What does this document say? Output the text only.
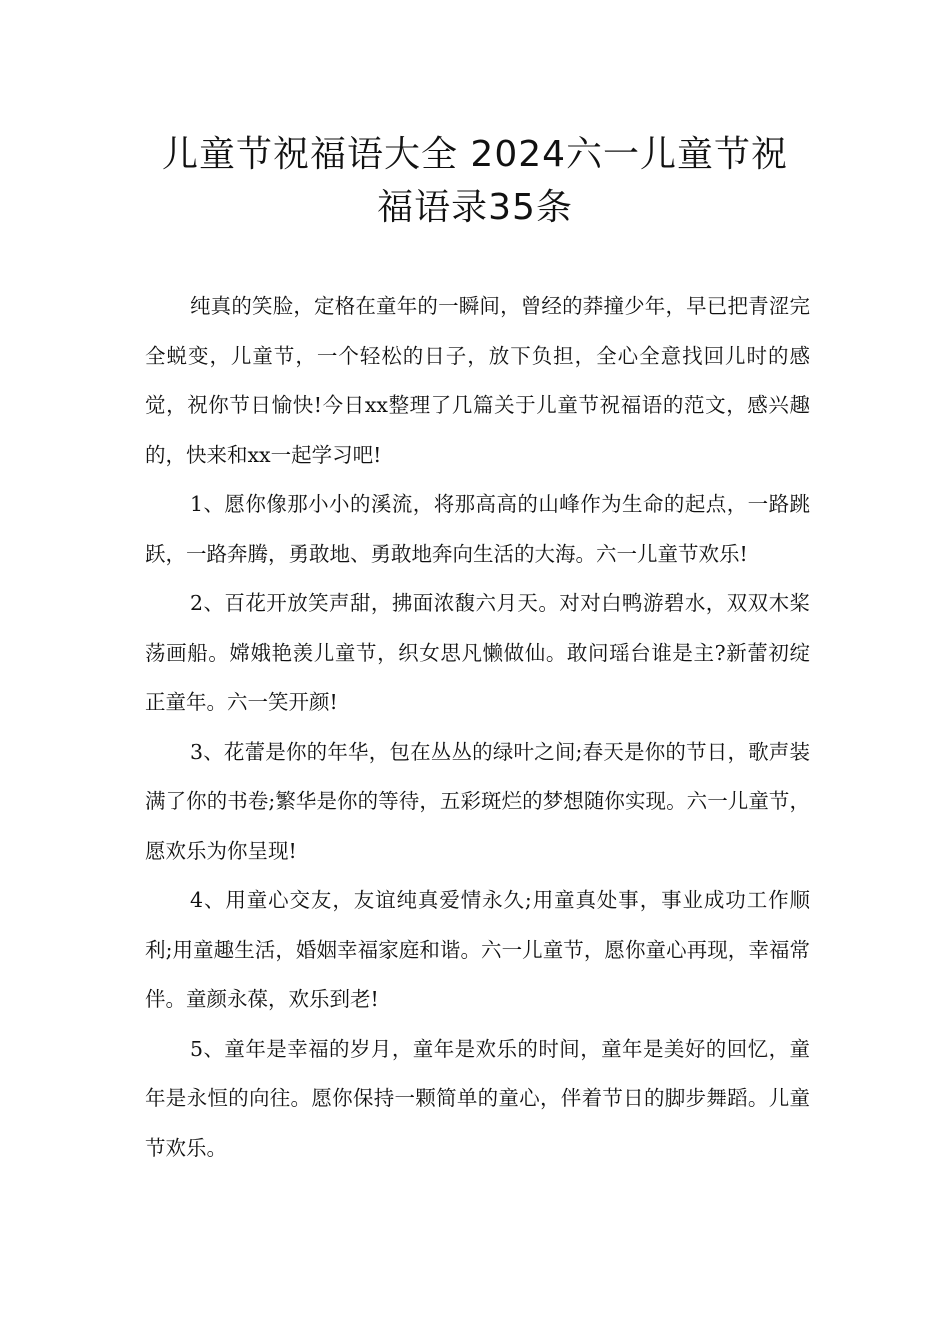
儿童节祝福语大全 2024六一儿童节祝
福语录35条

纯真的笑脸，定格在童年的一瞬间，曾经的莽撞少年，早已把青涩完全蜕变，儿童节，一个轻松的日子，放下负担，全心全意找回儿时的感觉，祝你节日愉快!今日xx整理了几篇关于儿童节祝福语的范文，感兴趣的，快来和xx一起学习吧!

1、愿你像那小小的溪流，将那高高的山峰作为生命的起点，一路跳跃，一路奔腾，勇敢地、勇敢地奔向生活的大海。六一儿童节欢乐!

2、百花开放笑声甜，拂面浓馥六月天。对对白鸭游碧水，双双木桨荡画船。嫦娥艳羡儿童节，织女思凡懒做仙。敢问瑶台谁是主?新蕾初绽正童年。六一笑开颜!

3、花蕾是你的年华，包在丛丛的绿叶之间;春天是你的节日，歌声装满了你的书卷;繁华是你的等待，五彩斑烂的梦想随你实现。六一儿童节，愿欢乐为你呈现!

4、用童心交友，友谊纯真爱情永久;用童真处事，事业成功工作顺利;用童趣生活，婚姻幸福家庭和谐。六一儿童节，愿你童心再现，幸福常伴。童颜永葆，欢乐到老!

5、童年是幸福的岁月，童年是欢乐的时间，童年是美好的回忆，童年是永恒的向往。愿你保持一颗简单的童心，伴着节日的脚步舞蹈。儿童节欢乐。
